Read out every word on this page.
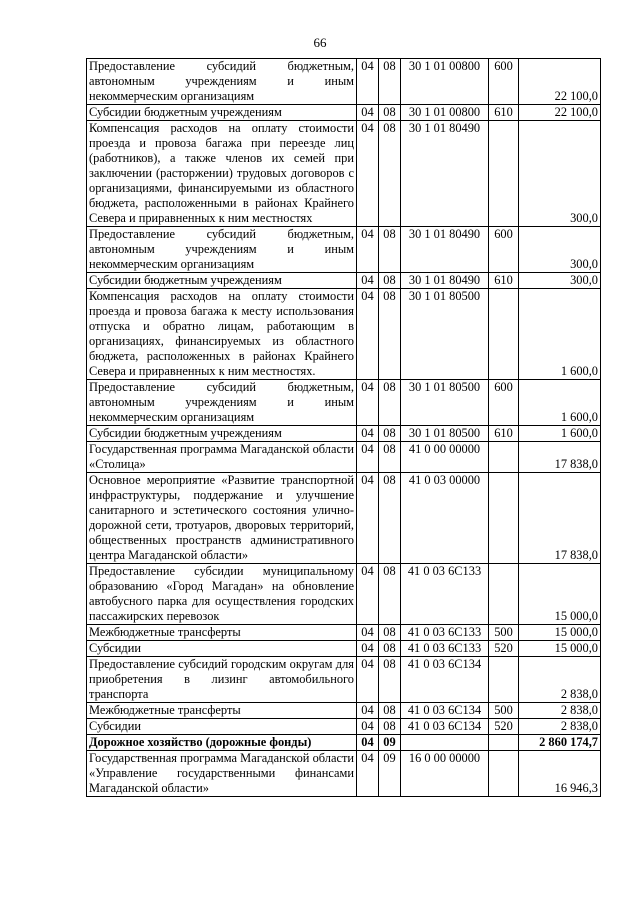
66
Предоставление субсидий бюджетным, автономным учреждениям и иным некоммерческим организациям	04	08	30 1 01 00800	600	22 100,0
Субсидии бюджетным учреждениям	04	08	30 1 01 00800	610	22 100,0
Компенсация расходов на оплату стоимости проезда и провоза багажа при переезде лиц (работников), а также членов их семей при заключении (расторжении) трудовых договоров с организациями, финансируемыми из областного бюджета, расположенными в районах Крайнего Севера и приравненных к ним местностях	04	08	30 1 01 80490		300,0
Предоставление субсидий бюджетным, автономным учреждениям и иным некоммерческим организациям	04	08	30 1 01 80490	600	300,0
Субсидии бюджетным учреждениям	04	08	30 1 01 80490	610	300,0
Компенсация расходов на оплату стоимости проезда и провоза багажа к месту использования отпуска и обратно лицам, работающим в организациях, финансируемых из областного бюджета, расположенных в районах Крайнего Севера и приравненных к ним местностях.	04	08	30 1 01 80500		1 600,0
Предоставление субсидий бюджетным, автономным учреждениям и иным некоммерческим организациям	04	08	30 1 01 80500	600	1 600,0
Субсидии бюджетным учреждениям	04	08	30 1 01 80500	610	1 600,0
Государственная программа Магаданской области «Столица»	04	08	41 0 00 00000		17 838,0
Основное мероприятие «Развитие транспортной инфраструктуры, поддержание и улучшение санитарного и эстетического состояния улично-дорожной сети, тротуаров, дворовых территорий, общественных пространств административного центра Магаданской области»	04	08	41 0 03 00000		17 838,0
Предоставление субсидии муниципальному образованию «Город Магадан» на обновление автобусного парка для осуществления городских пассажирских перевозок	04	08	41 0 03 6С133		15 000,0
Межбюджетные трансферты	04	08	41 0 03 6С133	500	15 000,0
Субсидии	04	08	41 0 03 6С133	520	15 000,0
Предоставление субсидий городским округам для приобретения в лизинг автомобильного транспорта	04	08	41 0 03 6С134		2 838,0
Межбюджетные трансферты	04	08	41 0 03 6С134	500	2 838,0
Субсидии	04	08	41 0 03 6С134	520	2 838,0
Дорожное хозяйство (дорожные фонды)	04	09			2 860 174,7
Государственная программа Магаданской области «Управление государственными финансами Магаданской области»	04	09	16 0 00 00000		16 946,3
